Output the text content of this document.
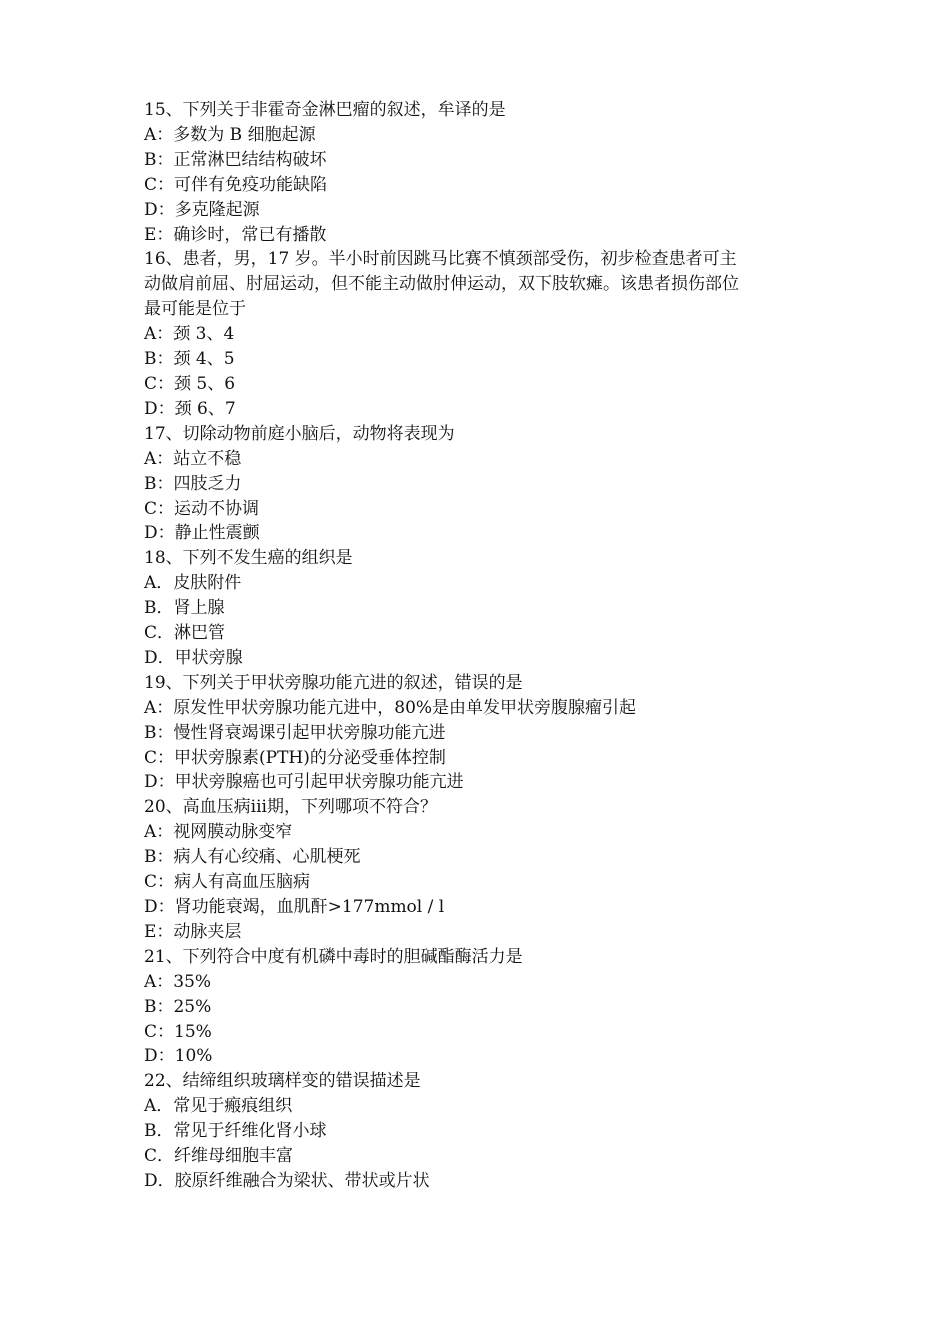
15、下列关于非霍奇金淋巴瘤的叙述，牟译的是

A：多数为 B 细胞起源

B：正常淋巴结结构破坏

C：可伴有免疫功能缺陷

D：多克隆起源

E：确诊时，常已有播散

16、患者，男，17 岁。半小时前因跳马比赛不慎颈部受伤，初步检查患者可主

动做肩前屈、肘屈运动，但不能主动做肘伸运动，双下肢软瘫。该患者损伤部位

最可能是位于

A：颈 3、4

B：颈 4、5

C：颈 5、6

D：颈 6、7

17、切除动物前庭小脑后，动物将表现为

A：站立不稳

B：四肢乏力

C：运动不协调

D：静止性震颤

18、下列不发生癌的组织是

A．皮肤附件

B．肾上腺

C．淋巴管

D．甲状旁腺

19、下列关于甲状旁腺功能亢进的叙述，错误的是

A：原发性甲状旁腺功能亢进中，80%是由单发甲状旁腹腺瘤引起

B：慢性肾衰竭课引起甲状旁腺功能亢进

C：甲状旁腺素(PTH)的分泌受垂体控制

D：甲状旁腺癌也可引起甲状旁腺功能亢进

20、高血压病iii期，下列哪项不符合？

A：视网膜动脉变窄

B：病人有心绞痛、心肌梗死

C：病人有高血压脑病

D：肾功能衰竭，血肌酐>177mmol / l

E：动脉夹层

21、下列符合中度有机磷中毒时的胆碱酯酶活力是

A：35%

B：25%

C：15%

D：10%

22、结缔组织玻璃样变的错误描述是

A．常见于瘢痕组织

B．常见于纤维化肾小球

C．纤维母细胞丰富

D．胶原纤维融合为梁状、带状或片状
